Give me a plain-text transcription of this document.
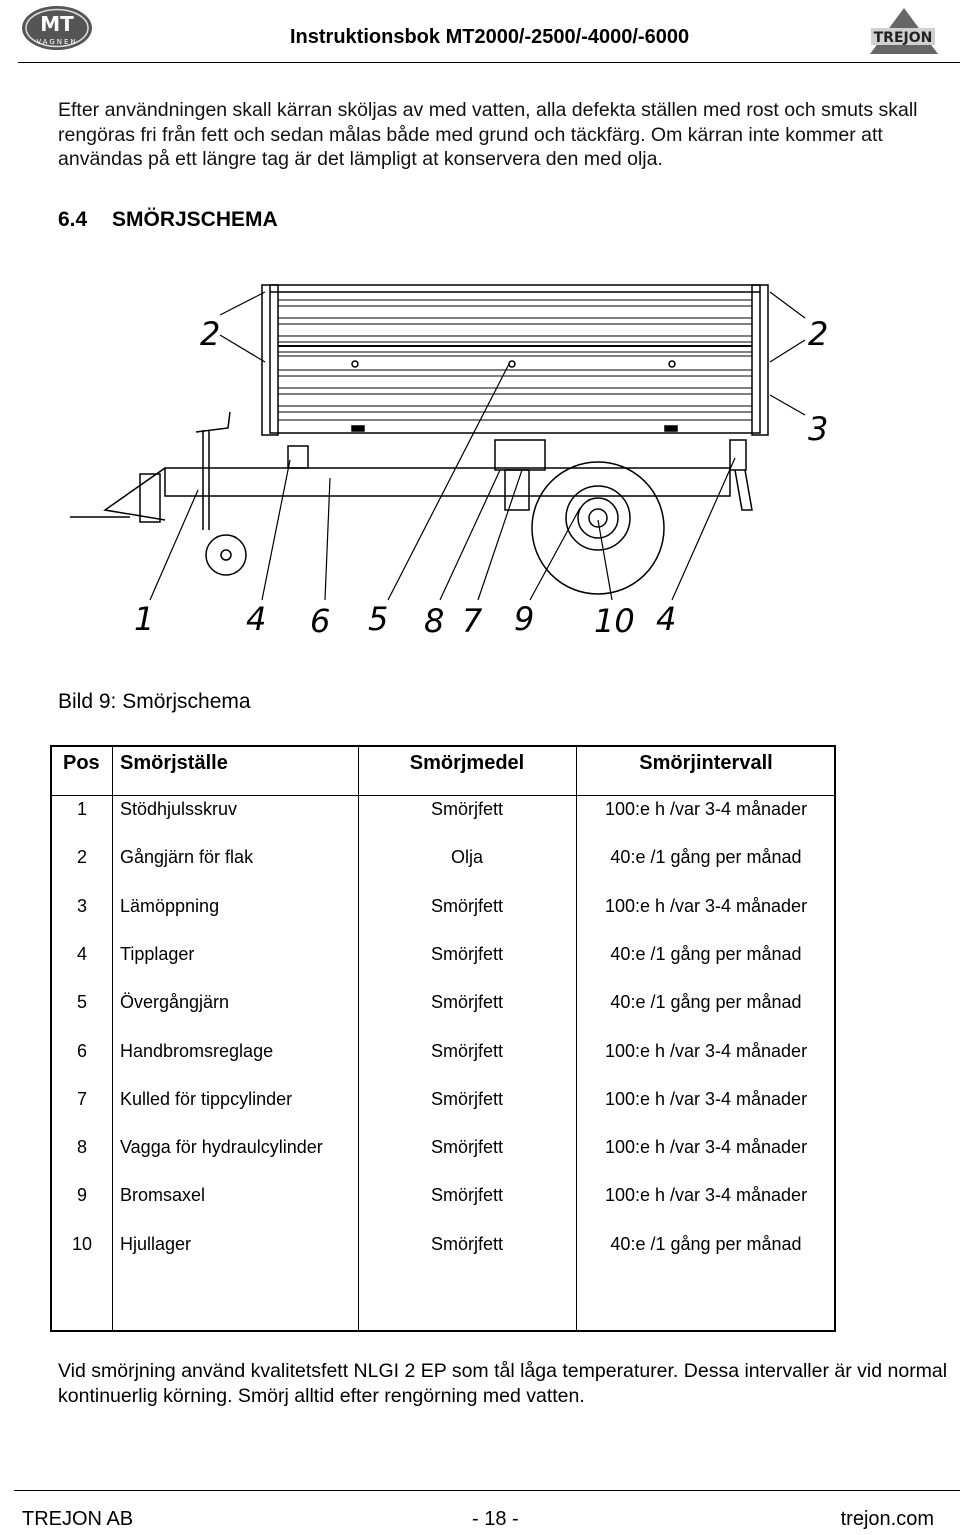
MT
VAGNEN	Instruktionsbok MT2000/-2500/-4000/-6000	TREJON
Efter användningen skall kärran sköljas av med vatten, alla defekta ställen med rost och smuts skall rengöras fri från fett och sedan målas både med grund och täckfärg. Om kärran inte kommer att användas på ett längre tag är det lämpligt at konservera den med olja.
6.4 SMÖRJSCHEMA
2	2
3
1	4 6 5 8 7 9 10 4
Bild 9: Smörjschema
Pos Smörjställe	Smörjmedel	Smörjintervall
1	Stödhjulsskruv	Smörjfett	100:e h /var 3-4 månader
2	Gångjärn för flak	Olja	40:e /1 gång per månad
3	Lämöppning	Smörjfett	100:e h /var 3-4 månader
4	Tipplager	Smörjfett	40:e /1 gång per månad
5	Övergångjärn	Smörjfett	40:e /1 gång per månad
6	Handbromsreglage	Smörjfett	100:e h /var 3-4 månader
7	Kulled för tippcylinder	Smörjfett	100:e h /var 3-4 månader
8	Vagga för hydraulcylinder	Smörjfett	100:e h /var 3-4 månader
9	Bromsaxel	Smörjfett	100:e h /var 3-4 månader
10	Hjullager	Smörjfett	40:e /1 gång per månad
Vid smörjning använd kvalitetsfett NLGI 2 EP som tål låga temperaturer. Dessa intervaller är vid normal kontinuerlig körning. Smörj alltid efter rengörning med vatten.
TREJON AB	- 18 -	trejon.com
